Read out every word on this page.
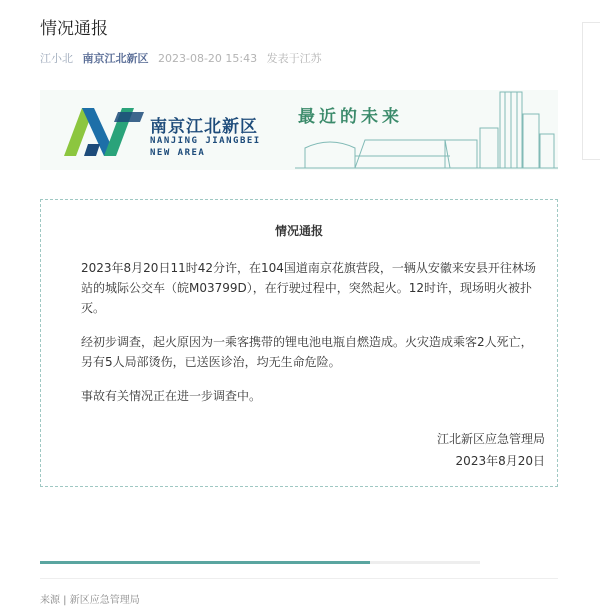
情况通报
江小北 南京江北新区 2023-08-20 15:43 发表于江苏
南京江北新区
NANJING JIANGBEI
NEW AREA
最近的未来
情况通报

2023年8月20日11时42分许，在104国道南京花旗营段，一辆从安徽来安县开往林场站的城际公交车（皖M03799D），在行驶过程中，突然起火。12时许，现场明火被扑灭。

经初步调查，起火原因为一乘客携带的锂电池电瓶自燃造成。火灾造成乘客2人死亡，另有5人局部烫伤，已送医诊治，均无生命危险。

事故有关情况正在进一步调查中。

江北新区应急管理局
2023年8月20日
来源 | 新区应急管理局
